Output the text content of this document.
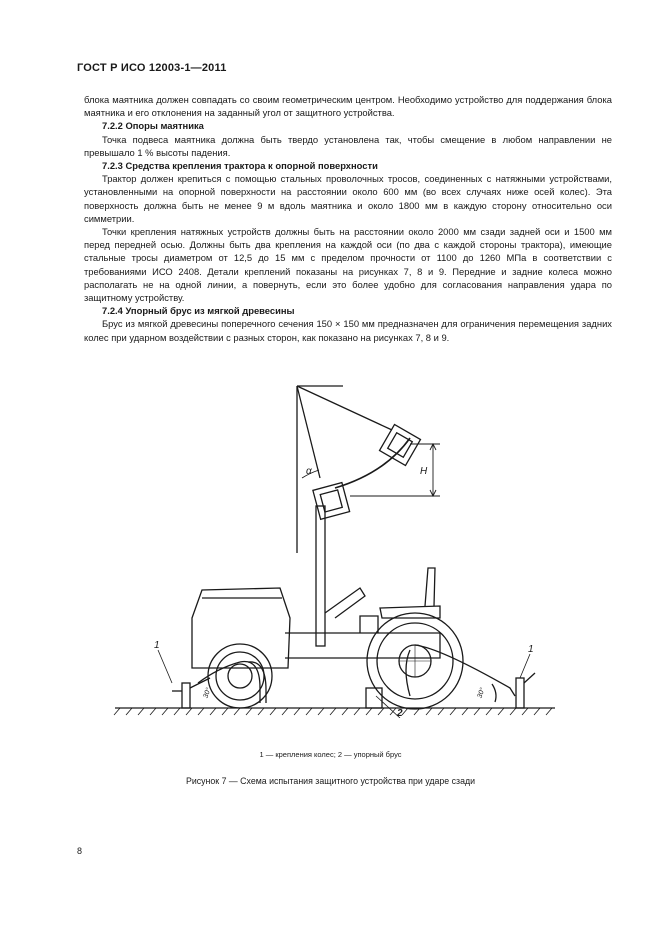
ГОСТ Р ИСО 12003-1—2011

блока маятника должен совпадать со своим геометрическим центром. Необходимо устройство для поддержания блока маятника и его отклонения на заданный угол от защитного устройства.

7.2.2 Опоры маятника

Точка подвеса маятника должна быть твердо установлена так, чтобы смещение в любом направлении не превышало 1 % высоты падения.

7.2.3 Средства крепления трактора к опорной поверхности

Трактор должен крепиться с помощью стальных проволочных тросов, соединенных с натяжными устройствами, установленными на опорной поверхности на расстоянии около 600 мм (во всех случаях ниже осей колес). Эта поверхность должна быть не менее 9 м вдоль маятника и около 1800 мм в каждую сторону относительно оси симметрии.

Точки крепления натяжных устройств должны быть на расстоянии около 2000 мм сзади задней оси и 1500 мм перед передней осью. Должны быть два крепления на каждой оси (по два с каждой стороны трактора), имеющие стальные тросы диаметром от 12,5 до 15 мм с пределом прочности от 1100 до 1260 МПа в соответствии с требованиями ИСО 2408. Детали креплений показаны на рисунках 7, 8 и 9. Передние и задние колеса можно располагать не на одной линии, а повернуть, если это более удобно для согласования направления удара по защитному устройству.

7.2.4 Упорный брус из мягкой древесины

Брус из мягкой древесины поперечного сечения 150 × 150 мм предназначен для ограничения перемещения задних колес при ударном воздействии с разных сторон, как показано на рисунках 7, 8 и 9.

α	H
1	1
2
30°	30°
1 — крепления колес; 2 — упорный брус
Рисунок 7 — Схема испытания защитного устройства при ударе сзади
8
